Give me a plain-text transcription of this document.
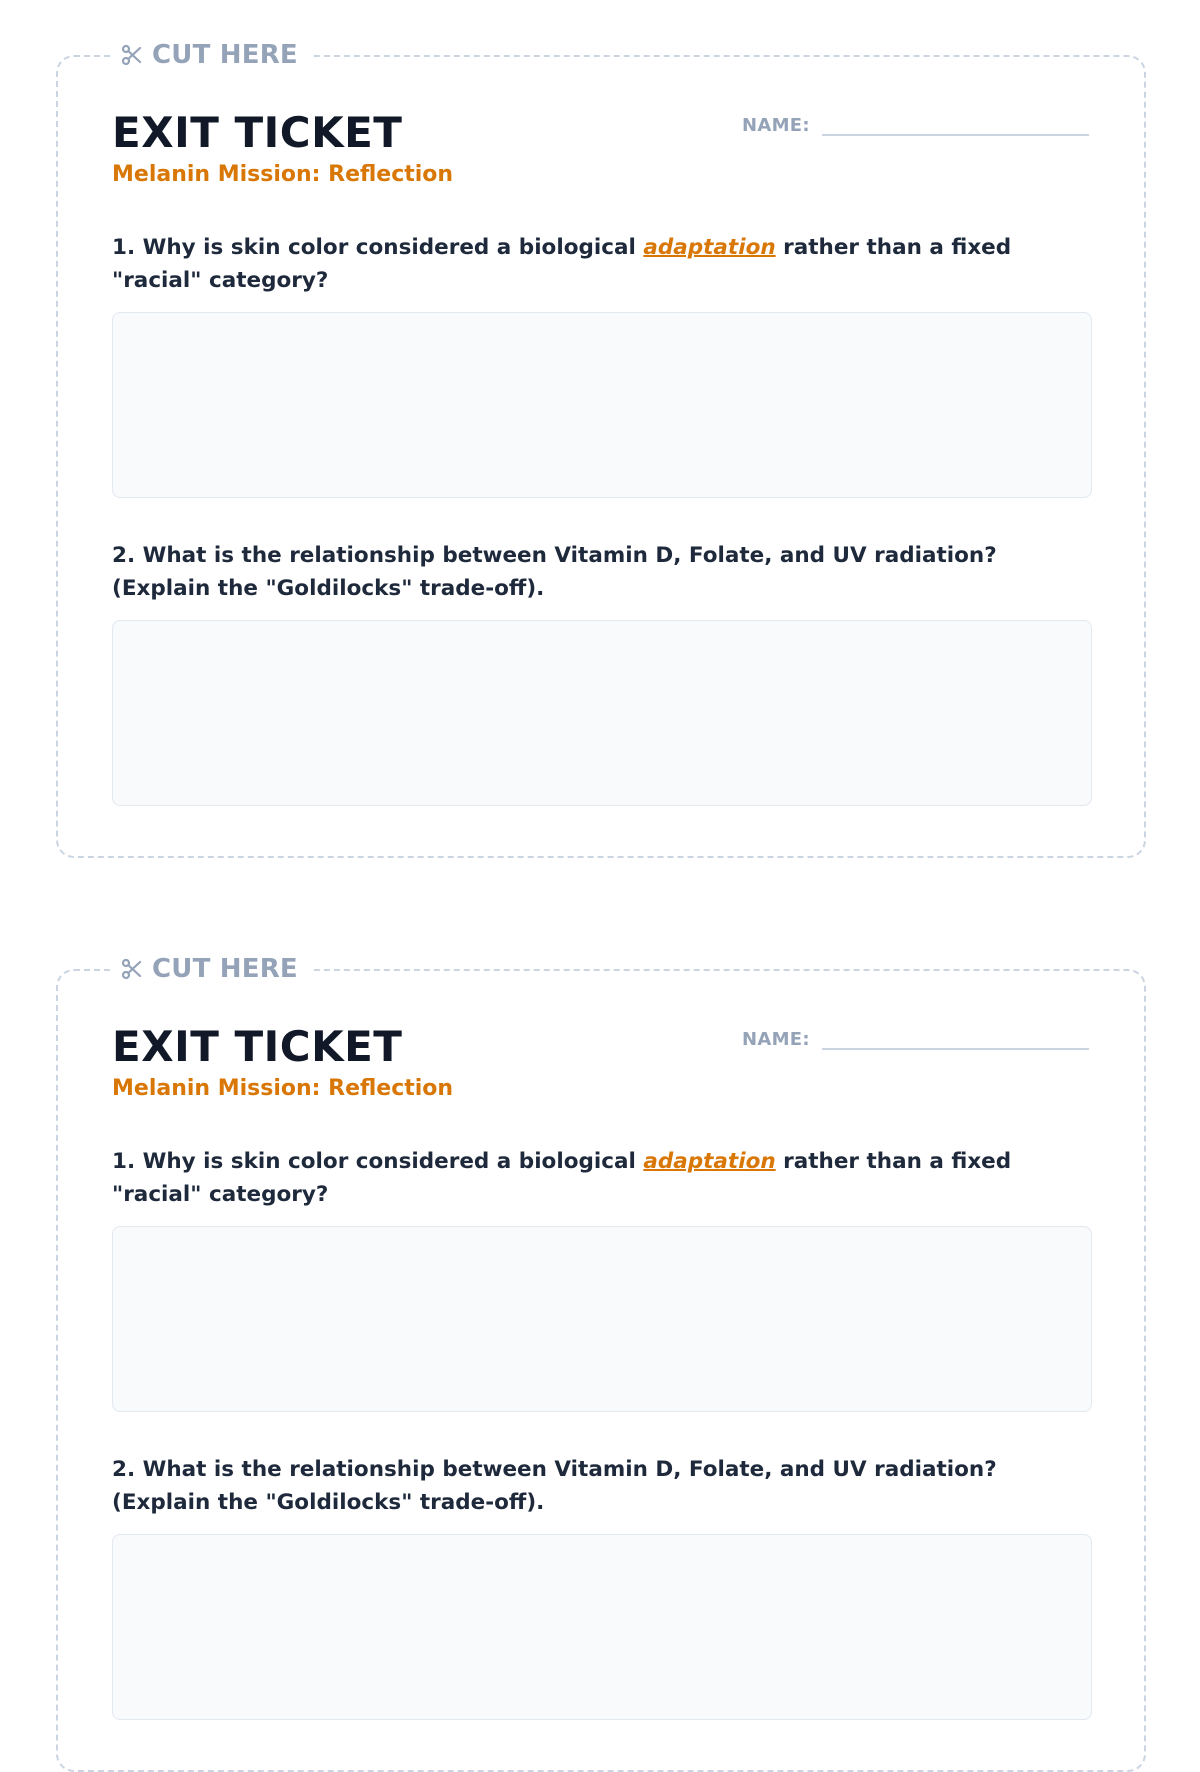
CUT HERE
EXIT TICKET

Melanin Mission: Reflection

NAME:

1. Why is skin color considered a biological adaptation rather than a fixed "racial" category?

2. What is the relationship between Vitamin D, Folate, and UV radiation? (Explain the "Goldilocks" trade-off).

CUT HERE
EXIT TICKET

Melanin Mission: Reflection

NAME:

1. Why is skin color considered a biological adaptation rather than a fixed "racial" category?

2. What is the relationship between Vitamin D, Folate, and UV radiation? (Explain the "Goldilocks" trade-off).
